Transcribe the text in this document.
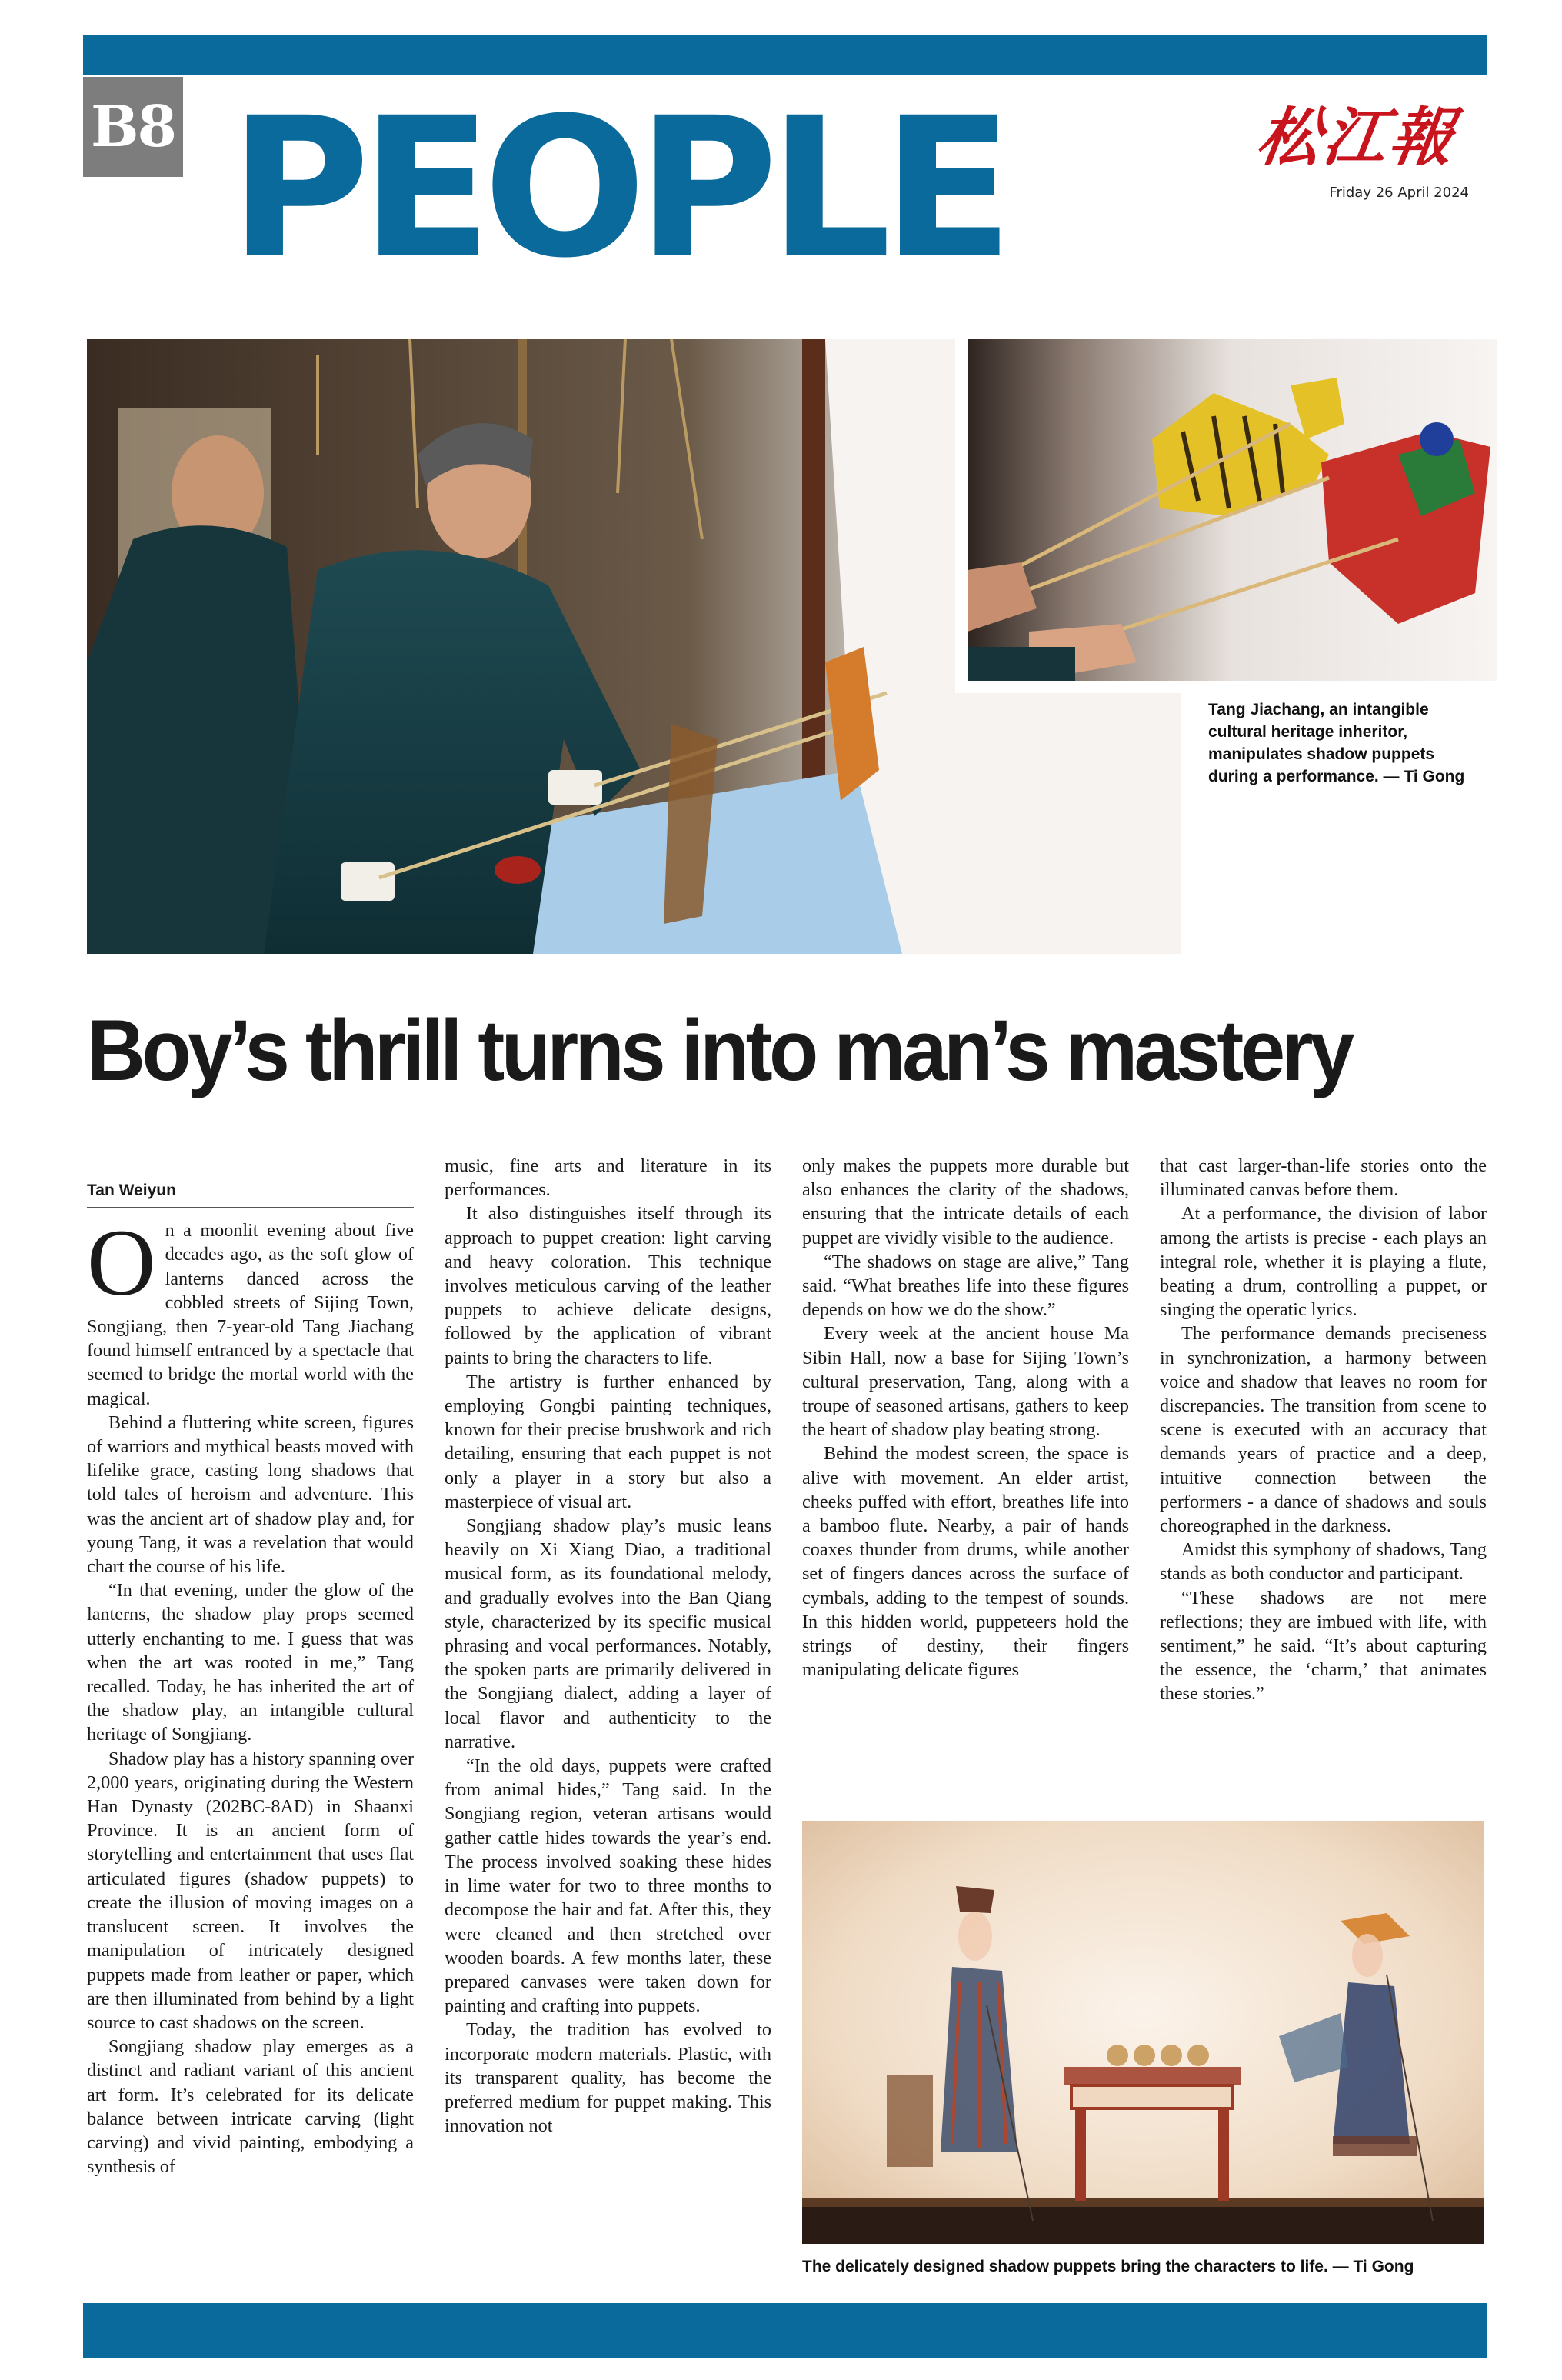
B8 PEOPLE	松江報
Friday 26 April 2024
Tang Jiachang, an intangible cultural heritage inheritor, manipulates shadow puppets during a performance. — Ti Gong
Boy’s thrill turns into man’s mastery
Tan Weiyun

On a moonlit evening about five decades ago, as the soft glow of lanterns danced across the cobbled streets of Sijing Town, Songjiang, then 7-year-old Tang Jiachang found himself entranced by a spectacle that seemed to bridge the mortal world with the magical.

Behind a fluttering white screen, figures of warriors and mythical beasts moved with lifelike grace, casting long shadows that told tales of heroism and adventure. This was the ancient art of shadow play and, for young Tang, it was a revelation that would chart the course of his life.

“In that evening, under the glow of the lanterns, the shadow play props seemed utterly enchanting to me. I guess that was when the art was rooted in me,” Tang recalled. Today, he has inherited the art of the shadow play, an intangible cultural heritage of Songjiang.

Shadow play has a history spanning over 2,000 years, originating during the Western Han Dynasty (202BC-8AD) in Shaanxi Province. It is an ancient form of storytelling and entertainment that uses flat articulated figures (shadow puppets) to create the illusion of moving images on a translucent screen. It involves the manipulation of intricately designed puppets made from leather or paper, which are then illuminated from behind by a light source to cast shadows on the screen.

Songjiang shadow play emerges as a distinct and radiant variant of this ancient art form. It’s celebrated for its delicate balance between intricate carving (light carving) and vivid painting, embodying a synthesis of

music, fine arts and literature in its performances.

It also distinguishes itself through its approach to puppet creation: light carving and heavy coloration. This technique involves meticulous carving of the leather puppets to achieve delicate designs, followed by the application of vibrant paints to bring the characters to life.

The artistry is further enhanced by employing Gongbi painting techniques, known for their precise brushwork and rich detailing, ensuring that each puppet is not only a player in a story but also a masterpiece of visual art.

Songjiang shadow play’s music leans heavily on Xi Xiang Diao, a traditional musical form, as its foundational melody, and gradually evolves into the Ban Qiang style, characterized by its specific musical phrasing and vocal performances. Notably, the spoken parts are primarily delivered in the Songjiang dialect, adding a layer of local flavor and authenticity to the narrative.

“In the old days, puppets were crafted from animal hides,” Tang said. In the Songjiang region, veteran artisans would gather cattle hides towards the year’s end. The process involved soaking these hides in lime water for two to three months to decompose the hair and fat. After this, they were cleaned and then stretched over wooden boards. A few months later, these prepared canvases were taken down for painting and crafting into puppets.

Today, the tradition has evolved to incorporate modern materials. Plastic, with its transparent quality, has become the preferred medium for puppet making. This innovation not

only makes the puppets more durable but also enhances the clarity of the shadows, ensuring that the intricate details of each puppet are vividly visible to the audience.

“The shadows on stage are alive,” Tang said. “What breathes life into these figures depends on how we do the show.”

Every week at the ancient house Ma Sibin Hall, now a base for Sijing Town’s cultural preservation, Tang, along with a troupe of seasoned artisans, gathers to keep the heart of shadow play beating strong.

Behind the modest screen, the space is alive with movement. An elder artist, cheeks puffed with effort, breathes life into a bamboo flute. Nearby, a pair of hands coaxes thunder from drums, while another set of fingers dances across the surface of cymbals, adding to the tempest of sounds. In this hidden world, puppeteers hold the strings of destiny, their fingers manipulating delicate figures

that cast larger-than-life stories onto the illuminated canvas before them.

At a performance, the division of labor among the artists is precise - each plays an integral role, whether it is playing a flute, beating a drum, controlling a puppet, or singing the operatic lyrics.

The performance demands preciseness in synchronization, a harmony between voice and shadow that leaves no room for discrepancies. The transition from scene to scene is executed with an accuracy that demands years of practice and a deep, intuitive connection between the performers - a dance of shadows and souls choreographed in the darkness.

Amidst this symphony of shadows, Tang stands as both conductor and participant.

“These shadows are not mere reflections; they are imbued with life, with sentiment,” he said. “It’s about capturing the essence, the ‘charm,’ that animates these stories.”

The delicately designed shadow puppets bring the characters to life. — Ti Gong
